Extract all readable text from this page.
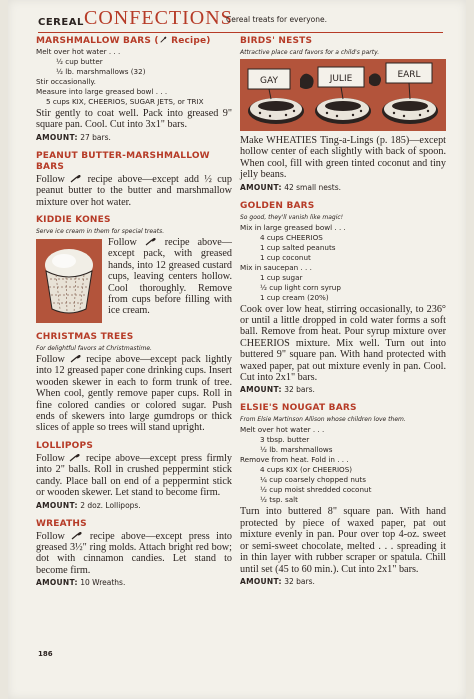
CEREAL CONFECTIONS
Cereal treats for everyone.

MARSHMALLOW BARS ( Recipe)

Melt over hot water . . .

½ cup butter

½ lb. marshmallows (32)

Stir occasionally.

Measure into large greased bowl . . .

5 cups KIX, CHEERIOS, SUGAR JETS, or TRIX

Stir gently to coat well. Pack into greased 9" square pan. Cool. Cut into 3x1" bars.

AMOUNT: 27 bars.

PEANUT BUTTER-MARSHMALLOW BARS

Follow  recipe above—except add ½ cup peanut butter to the butter and marshmallow mixture over hot water.

KIDDIE KONES

Serve ice cream in them for special treats.

Follow  recipe above—except pack, with greased hands, into 12 greased custard cups, leaving centers hollow. Cool thoroughly. Remove from cups before filling with ice cream.

CHRISTMAS TREES

For delightful favors at Christmastime.

Follow  recipe above—except pack lightly into 12 greased paper cone drinking cups. Insert wooden skewer in each to form trunk of tree. When cool, gently remove paper cups. Roll in fine colored candies or colored sugar. Push ends of skewers into large gumdrops or thick slices of apple so trees will stand upright.

LOLLIPOPS

Follow  recipe above—except press firmly into 2" balls. Roll in crushed peppermint stick candy. Place ball on end of a peppermint stick or wooden skewer. Let stand to become firm.

AMOUNT: 2 doz. Lollipops.

WREATHS

Follow  recipe above—except press into greased 3½" ring molds. Attach bright red bow; dot with cinnamon candies. Let stand to become firm.

AMOUNT: 10 Wreaths.

BIRDS' NESTS

Attractive place card favors for a child's party.

GAY	JULIE	EARL

Make WHEATIES Ting-a-Lings (p. 185)—except hollow center of each slightly with back of spoon. When cool, fill with green tinted coconut and tiny jelly beans.

AMOUNT: 42 small nests.

GOLDEN BARS

So good, they'll vanish like magic!

Mix in large greased bowl . . .

4 cups CHEERIOS

1 cup salted peanuts

1 cup coconut

Mix in saucepan . . .

1 cup sugar

½ cup light corn syrup

1 cup cream (20%)

Cook over low heat, stirring occasionally, to 236° or until a little dropped in cold water forms a soft ball. Remove from heat. Pour syrup mixture over CHEERIOS mixture. Mix well. Turn out into buttered 9" square pan. With hand protected with waxed paper, pat out mixture evenly in pan. Cool. Cut into 2x1" bars.

AMOUNT: 32 bars.

ELSIE'S NOUGAT BARS

From Elsie Martinson Allison whose children love them.

Melt over hot water . . .

3 tbsp. butter

½ lb. marshmallows

Remove from heat. Fold in . . .

4 cups KIX (or CHEERIOS)

¼ cup coarsely chopped nuts

½ cup moist shredded coconut

½ tsp. salt

Turn into buttered 8" square pan. With hand protected by piece of waxed paper, pat out mixture evenly in pan. Pour over top 4-oz. sweet or semi-sweet chocolate, melted . . . spreading it in thin layer with rubber scraper or spatula. Chill until set (45 to 60 min.). Cut into 2x1" bars.

AMOUNT: 32 bars.

186
